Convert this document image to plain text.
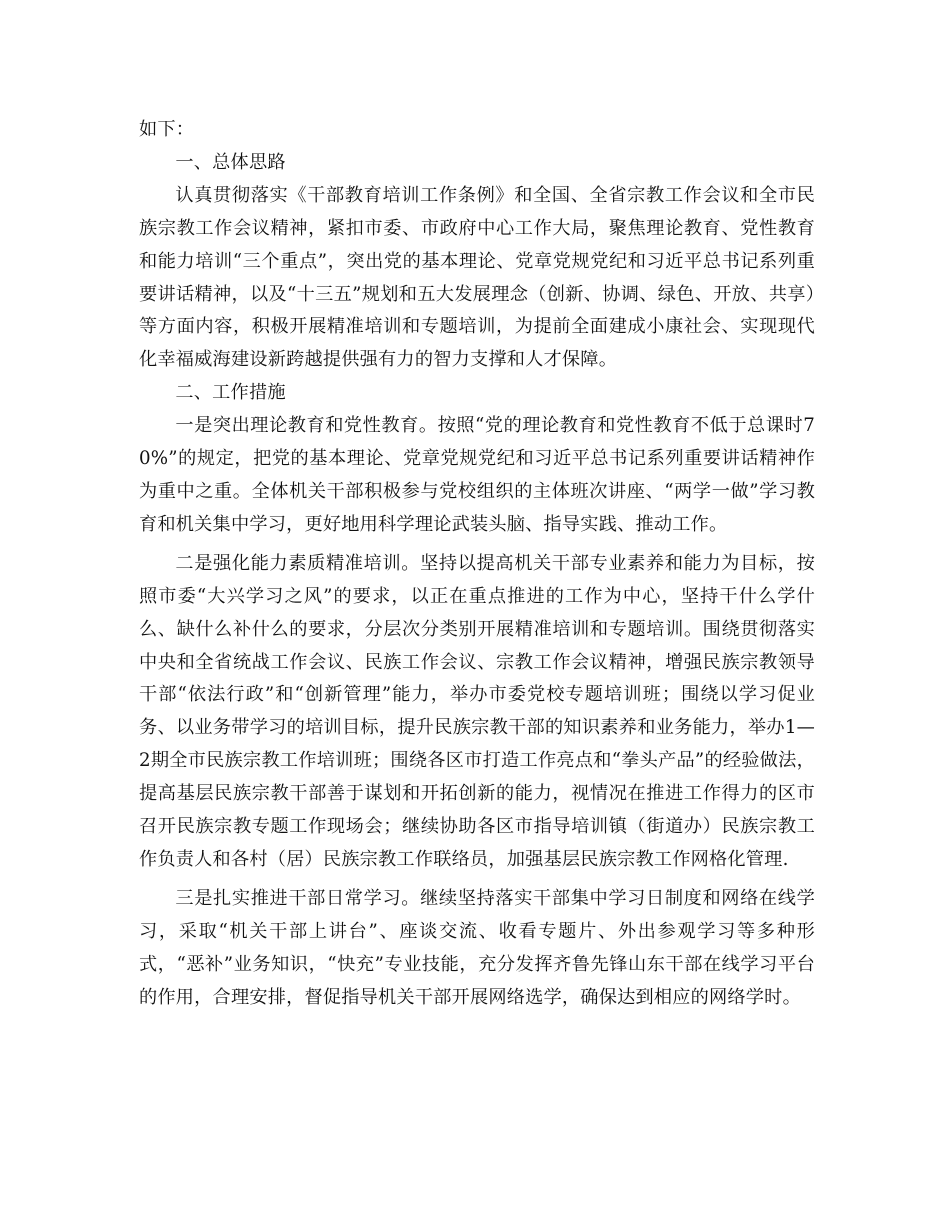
如下：

一、总体思路

认真贯彻落实《干部教育培训工作条例》和全国、全省宗教工作会议和全市民族宗教工作会议精神，紧扣市委、市政府中心工作大局，聚焦理论教育、党性教育和能力培训“三个重点”，突出党的基本理论、党章党规党纪和习近平总书记系列重要讲话精神，以及“十三五”规划和五大发展理念（创新、协调、绿色、开放、共享）等方面内容，积极开展精准培训和专题培训，为提前全面建成小康社会、实现现代化幸福威海建设新跨越提供强有力的智力支撑和人才保障。

二、工作措施

一是突出理论教育和党性教育。按照“党的理论教育和党性教育不低于总课时70%”的规定，把党的基本理论、党章党规党纪和习近平总书记系列重要讲话精神作为重中之重。全体机关干部积极参与党校组织的主体班次讲座、“两学一做”学习教育和机关集中学习，更好地用科学理论武装头脑、指导实践、推动工作。

二是强化能力素质精准培训。坚持以提高机关干部专业素养和能力为目标，按照市委“大兴学习之风”的要求，以正在重点推进的工作为中心，坚持干什么学什么、缺什么补什么的要求，分层次分类别开展精准培训和专题培训。围绕贯彻落实中央和全省统战工作会议、民族工作会议、宗教工作会议精神，增强民族宗教领导干部“依法行政”和“创新管理”能力，举办市委党校专题培训班；围绕以学习促业务、以业务带学习的培训目标，提升民族宗教干部的知识素养和业务能力，举办1—2期全市民族宗教工作培训班；围绕各区市打造工作亮点和“拳头产品”的经验做法，提高基层民族宗教干部善于谋划和开拓创新的能力，视情况在推进工作得力的区市召开民族宗教专题工作现场会；继续协助各区市指导培训镇（街道办）民族宗教工作负责人和各村（居）民族宗教工作联络员，加强基层民族宗教工作网格化管理.

三是扎实推进干部日常学习。继续坚持落实干部集中学习日制度和网络在线学习，采取“机关干部上讲台”、座谈交流、收看专题片、外出参观学习等多种形式，“恶补”业务知识，“快充”专业技能，充分发挥齐鲁先锋山东干部在线学习平台的作用，合理安排，督促指导机关干部开展网络选学，确保达到相应的网络学时。
